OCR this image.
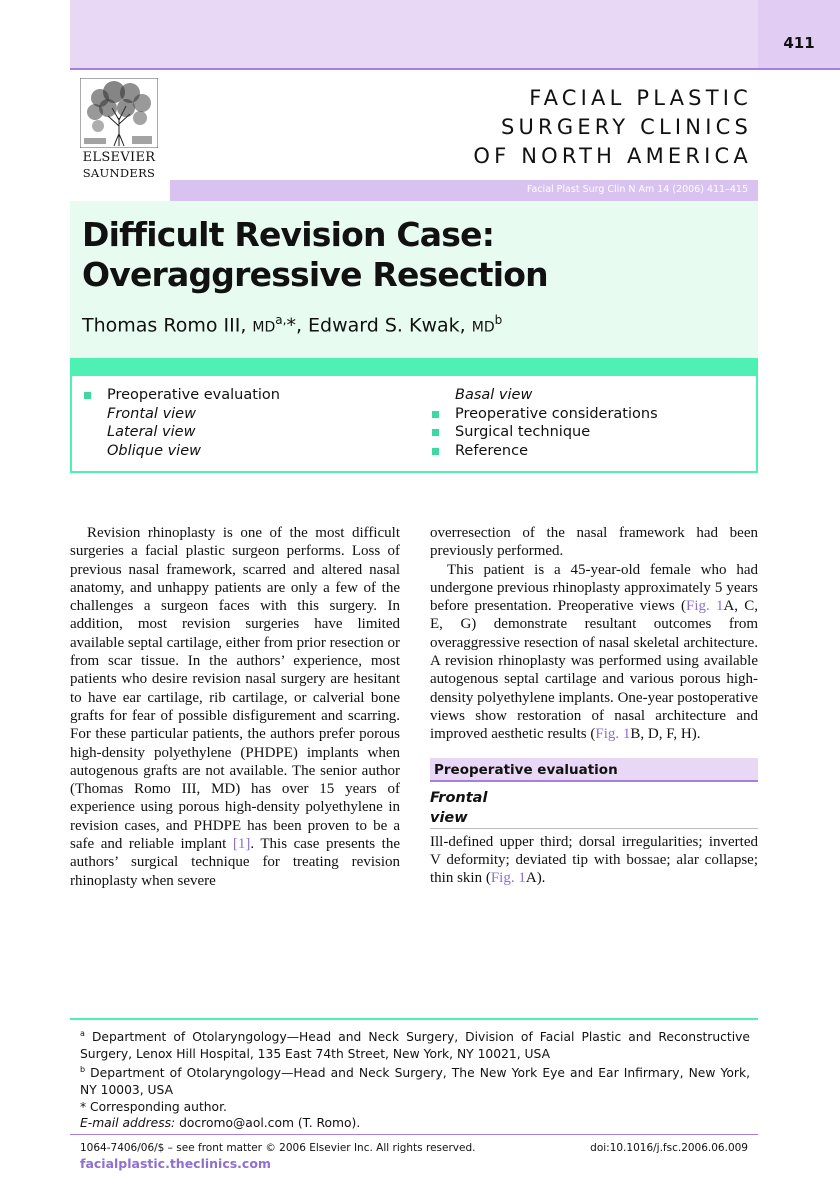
411
ELSEVIER
SAUNDERS
FACIAL PLASTIC
SURGERY CLINICS
OF NORTH AMERICA
Facial Plast Surg Clin N Am 14 (2006) 411–415
Difficult Revision Case:
Overaggressive Resection
Thomas Romo III, $MD^{a,}*$, Edward S. Kwak, $MD^b$
Preoperative evaluation
Frontal view
Lateral view
Oblique view
Basal view
Preoperative considerations
Surgical technique
Reference

Revision rhinoplasty is one of the most difficult surgeries a facial plastic surgeon performs. Loss of previous nasal framework, scarred and altered nasal anatomy, and unhappy patients are only a few of the challenges a surgeon faces with this surgery. In addition, most revision surgeries have limited available septal cartilage, either from prior resection or from scar tissue. In the authors’ experience, most patients who desire revision nasal surgery are hesitant to have ear cartilage, rib cartilage, or calverial bone grafts for fear of possible disfigurement and scarring. For these particular patients, the authors prefer porous high-density polyethylene (PHDPE) implants when autogenous grafts are not available. The senior author (Thomas Romo III, MD) has over 15 years of experience using porous high-density polyethylene in revision cases, and PHDPE has been proven to be a safe and reliable implant [1]. This case presents the authors’ surgical technique for treating revision rhinoplasty when severe

overresection of the nasal framework had been previously performed.

This patient is a 45-year-old female who had undergone previous rhinoplasty approximately 5 years before presentation. Preoperative views (Fig. 1A, C, E, G) demonstrate resultant outcomes from overaggressive resection of nasal skeletal architecture. A revision rhinoplasty was performed using available autogenous septal cartilage and various porous high-density polyethylene implants. One-year postoperative views show restoration of nasal architecture and improved aesthetic results (Fig. 1B, D, F, H).

Preoperative evaluation
Frontal view

Ill-defined upper third; dorsal irregularities; inverted V deformity; deviated tip with bossae; alar collapse; thin skin (Fig. 1A).

$^a$ Department of Otolaryngology—Head and Neck Surgery, Division of Facial Plastic and Reconstructive Surgery, Lenox Hill Hospital, 135 East 74th Street, New York, NY 10021, USA
$^b$ Department of Otolaryngology—Head and Neck Surgery, The New York Eye and Ear Infirmary, New York, NY 10003, USA
* Corresponding author.
E-mail address: docromo@aol.com (T. Romo).
1064-7406/06/$ – see front matter © 2006 Elsevier Inc. All rights reserved.	doi:10.1016/j.fsc.2006.06.009
facialplastic.theclinics.com
